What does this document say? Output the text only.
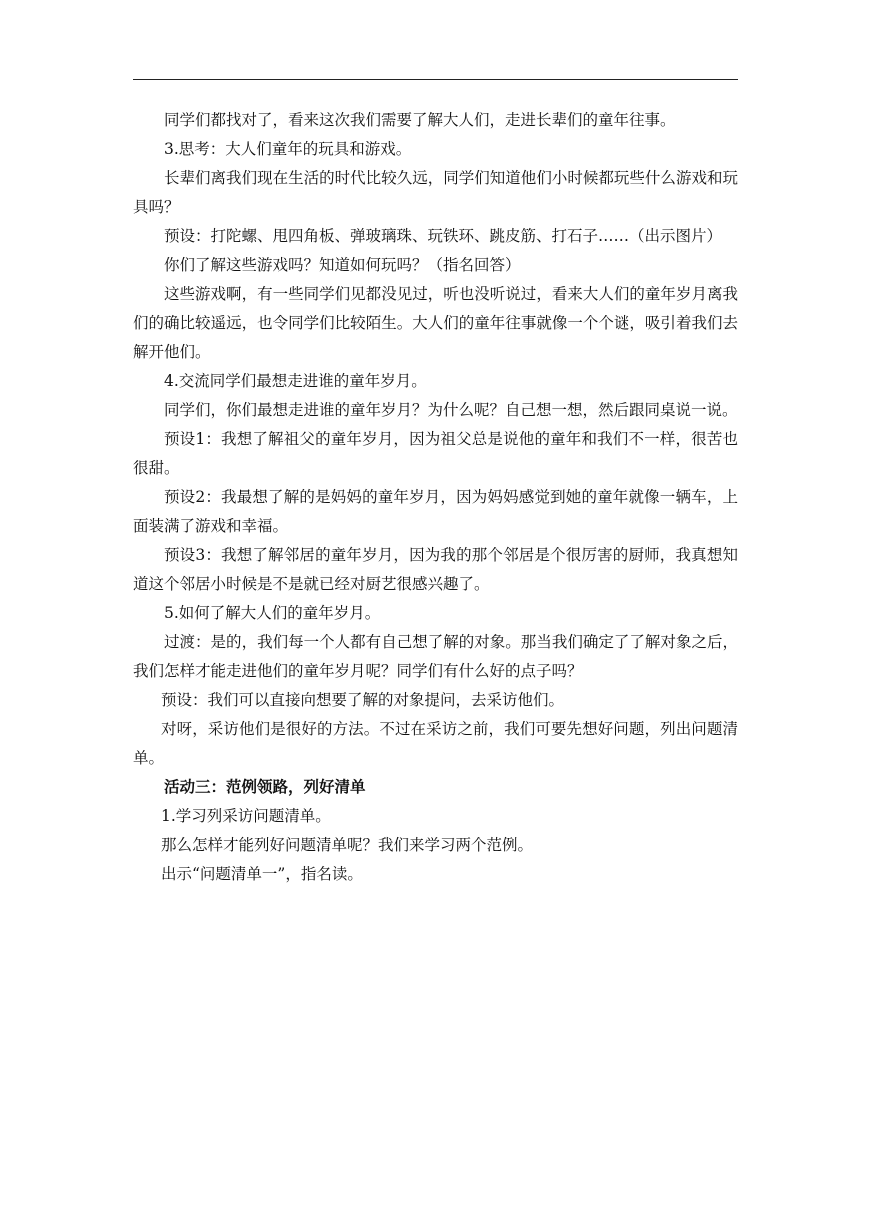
同学们都找对了，看来这次我们需要了解大人们，走进长辈们的童年往事。

3.思考：大人们童年的玩具和游戏。

长辈们离我们现在生活的时代比较久远，同学们知道他们小时候都玩些什么游戏和玩具吗？

预设：打陀螺、甩四角板、弹玻璃珠、玩铁环、跳皮筋、打石子……（出示图片）

你们了解这些游戏吗？知道如何玩吗？（指名回答）

这些游戏啊，有一些同学们见都没见过，听也没听说过，看来大人们的童年岁月离我们的确比较遥远，也令同学们比较陌生。大人们的童年往事就像一个个谜，吸引着我们去解开他们。

4.交流同学们最想走进谁的童年岁月。

同学们，你们最想走进谁的童年岁月？为什么呢？自己想一想，然后跟同桌说一说。

预设1：我想了解祖父的童年岁月，因为祖父总是说他的童年和我们不一样，很苦也很甜。

预设2：我最想了解的是妈妈的童年岁月，因为妈妈感觉到她的童年就像一辆车，上面装满了游戏和幸福。

预设3：我想了解邻居的童年岁月，因为我的那个邻居是个很厉害的厨师，我真想知道这个邻居小时候是不是就已经对厨艺很感兴趣了。

5.如何了解大人们的童年岁月。

过渡：是的，我们每一个人都有自己想了解的对象。那当我们确定了了解对象之后，我们怎样才能走进他们的童年岁月呢？同学们有什么好的点子吗？

预设：我们可以直接向想要了解的对象提问，去采访他们。

对呀，采访他们是很好的方法。不过在采访之前，我们可要先想好问题，列出问题清单。

活动三：范例领路，列好清单

1.学习列采访问题清单。

那么怎样才能列好问题清单呢？我们来学习两个范例。

出示“问题清单一”，指名读。
